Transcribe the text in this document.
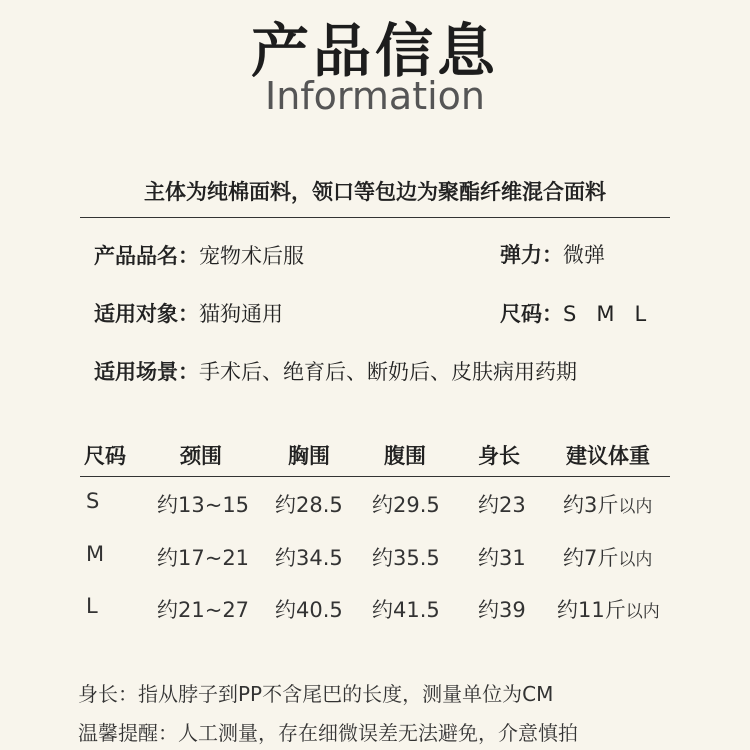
产品信息
Information
主体为纯棉面料，领口等包边为聚酯纤维混合面料
产品品名：宠物术后服	弹力：微弹
适用对象：猫狗通用	尺码：S   M   L
适用场景：手术后、绝育后、断奶后、皮肤病用药期
尺码	颈围	胸围	腹围 身长 建议体重
S	约13~15 约28.5 约29.5 约23 约3斤以内
M	约17~21 约34.5 约35.5 约31 约7斤以内
L	约21~27 约40.5 约41.5 约39 约11斤以内
身长：指从脖子到PP不含尾巴的长度，测量单位为CM
温馨提醒：人工测量，存在细微误差无法避免，介意慎拍
